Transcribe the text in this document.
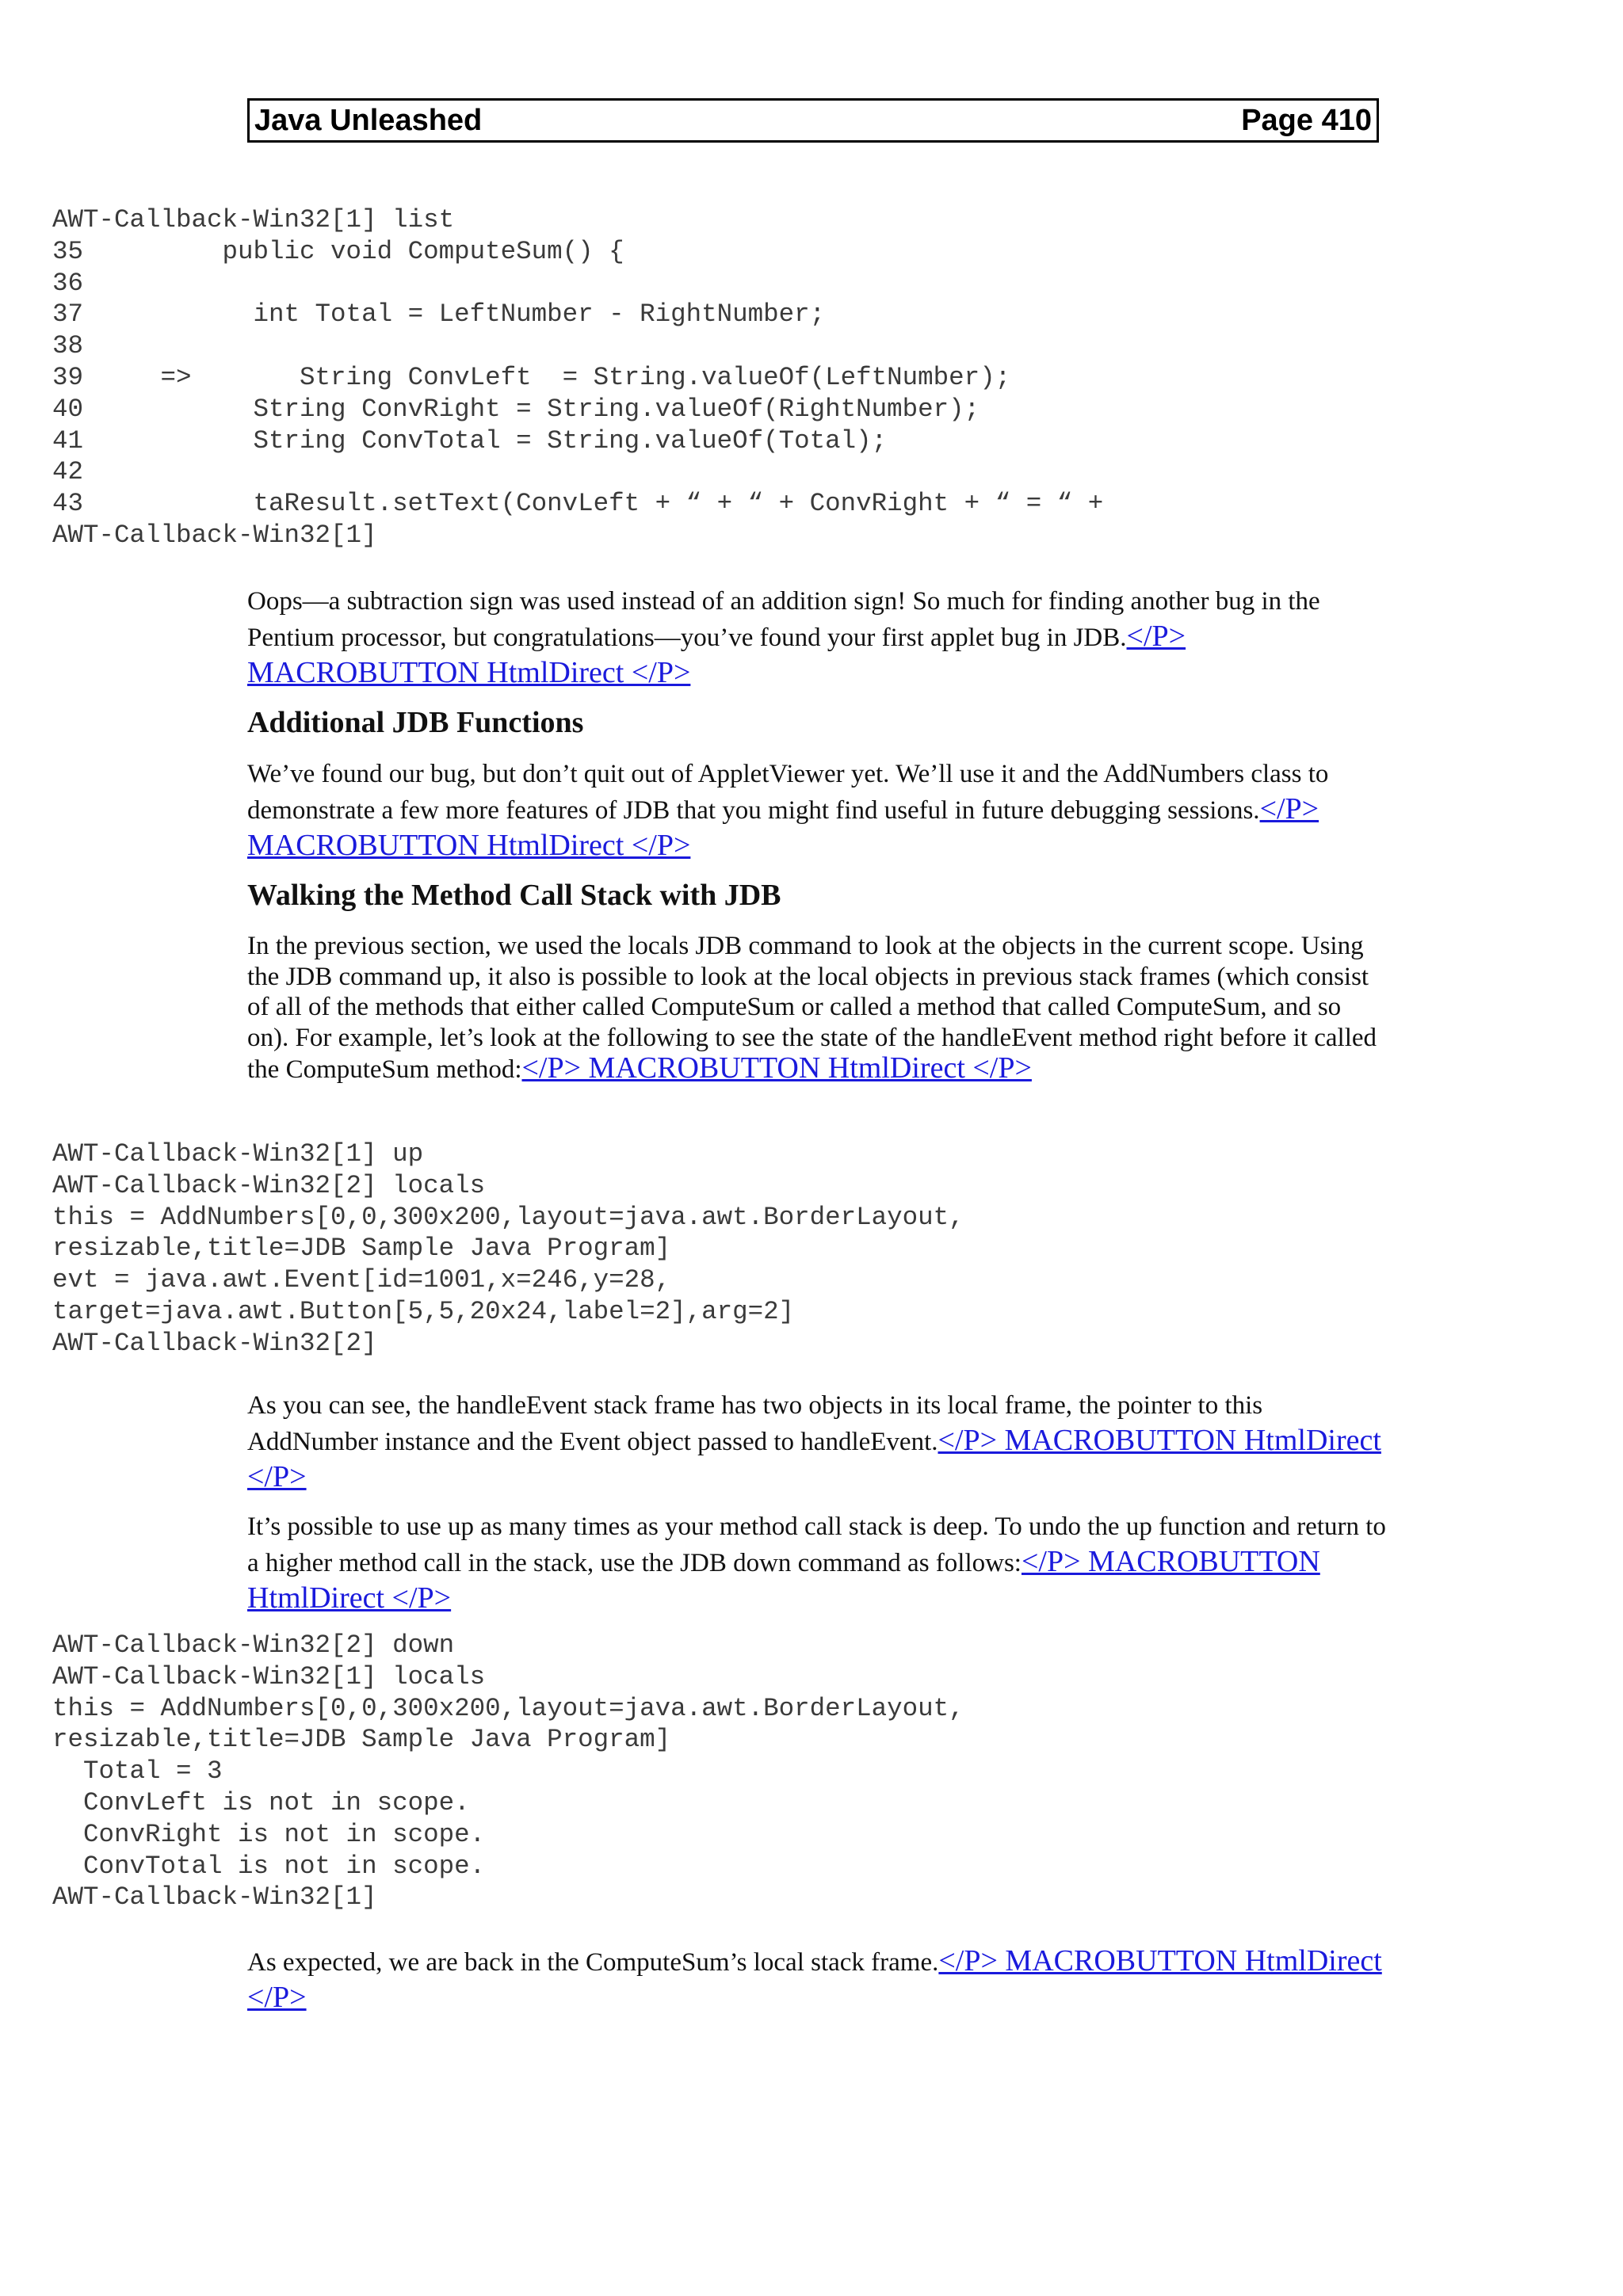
Java Unleashed	Page 410
AWT-Callback-Win32[1] list
35         public void ComputeSum() {
36
37           int Total = LeftNumber - RightNumber;
38
39     =>       String ConvLeft  = String.valueOf(LeftNumber);
40           String ConvRight = String.valueOf(RightNumber);
41           String ConvTotal = String.valueOf(Total);
42
43           taResult.setText(ConvLeft + “ + “ + ConvRight + “ = “ +
AWT-Callback-Win32[1]

Oops—a subtraction sign was used instead of an addition sign! So much for finding another bug in the Pentium processor, but congratulations—you’ve found your first applet bug in JDB.</P> MACROBUTTON HtmlDirect </P>

Additional JDB Functions

We’ve found our bug, but don’t quit out of AppletViewer yet. We’ll use it and the AddNumbers class to demonstrate a few more features of JDB that you might find useful in future debugging sessions.</P> MACROBUTTON HtmlDirect </P>

Walking the Method Call Stack with JDB

In the previous section, we used the locals JDB command to look at the objects in the current scope. Using the JDB command up, it also is possible to look at the local objects in previous stack frames (which consist of all of the methods that either called ComputeSum or called a method that called ComputeSum, and so on). For example, let’s look at the following to see the state of the handleEvent method right before it called the ComputeSum method:</P> MACROBUTTON HtmlDirect </P>

AWT-Callback-Win32[1] up
AWT-Callback-Win32[2] locals
this = AddNumbers[0,0,300x200,layout=java.awt.BorderLayout,
resizable,title=JDB Sample Java Program]
evt = java.awt.Event[id=1001,x=246,y=28,
target=java.awt.Button[5,5,20x24,label=2],arg=2]
AWT-Callback-Win32[2]

As you can see, the handleEvent stack frame has two objects in its local frame, the pointer to this AddNumber instance and the Event object passed to handleEvent.</P> MACROBUTTON HtmlDirect </P>

It’s possible to use up as many times as your method call stack is deep. To undo the up function and return to a higher method call in the stack, use the JDB down command as follows:</P> MACROBUTTON HtmlDirect </P>

AWT-Callback-Win32[2] down
AWT-Callback-Win32[1] locals
this = AddNumbers[0,0,300x200,layout=java.awt.BorderLayout,
resizable,title=JDB Sample Java Program]
Total = 3
ConvLeft is not in scope.
ConvRight is not in scope.
ConvTotal is not in scope.
AWT-Callback-Win32[1]

As expected, we are back in the ComputeSum’s local stack frame.</P> MACROBUTTON HtmlDirect </P>
